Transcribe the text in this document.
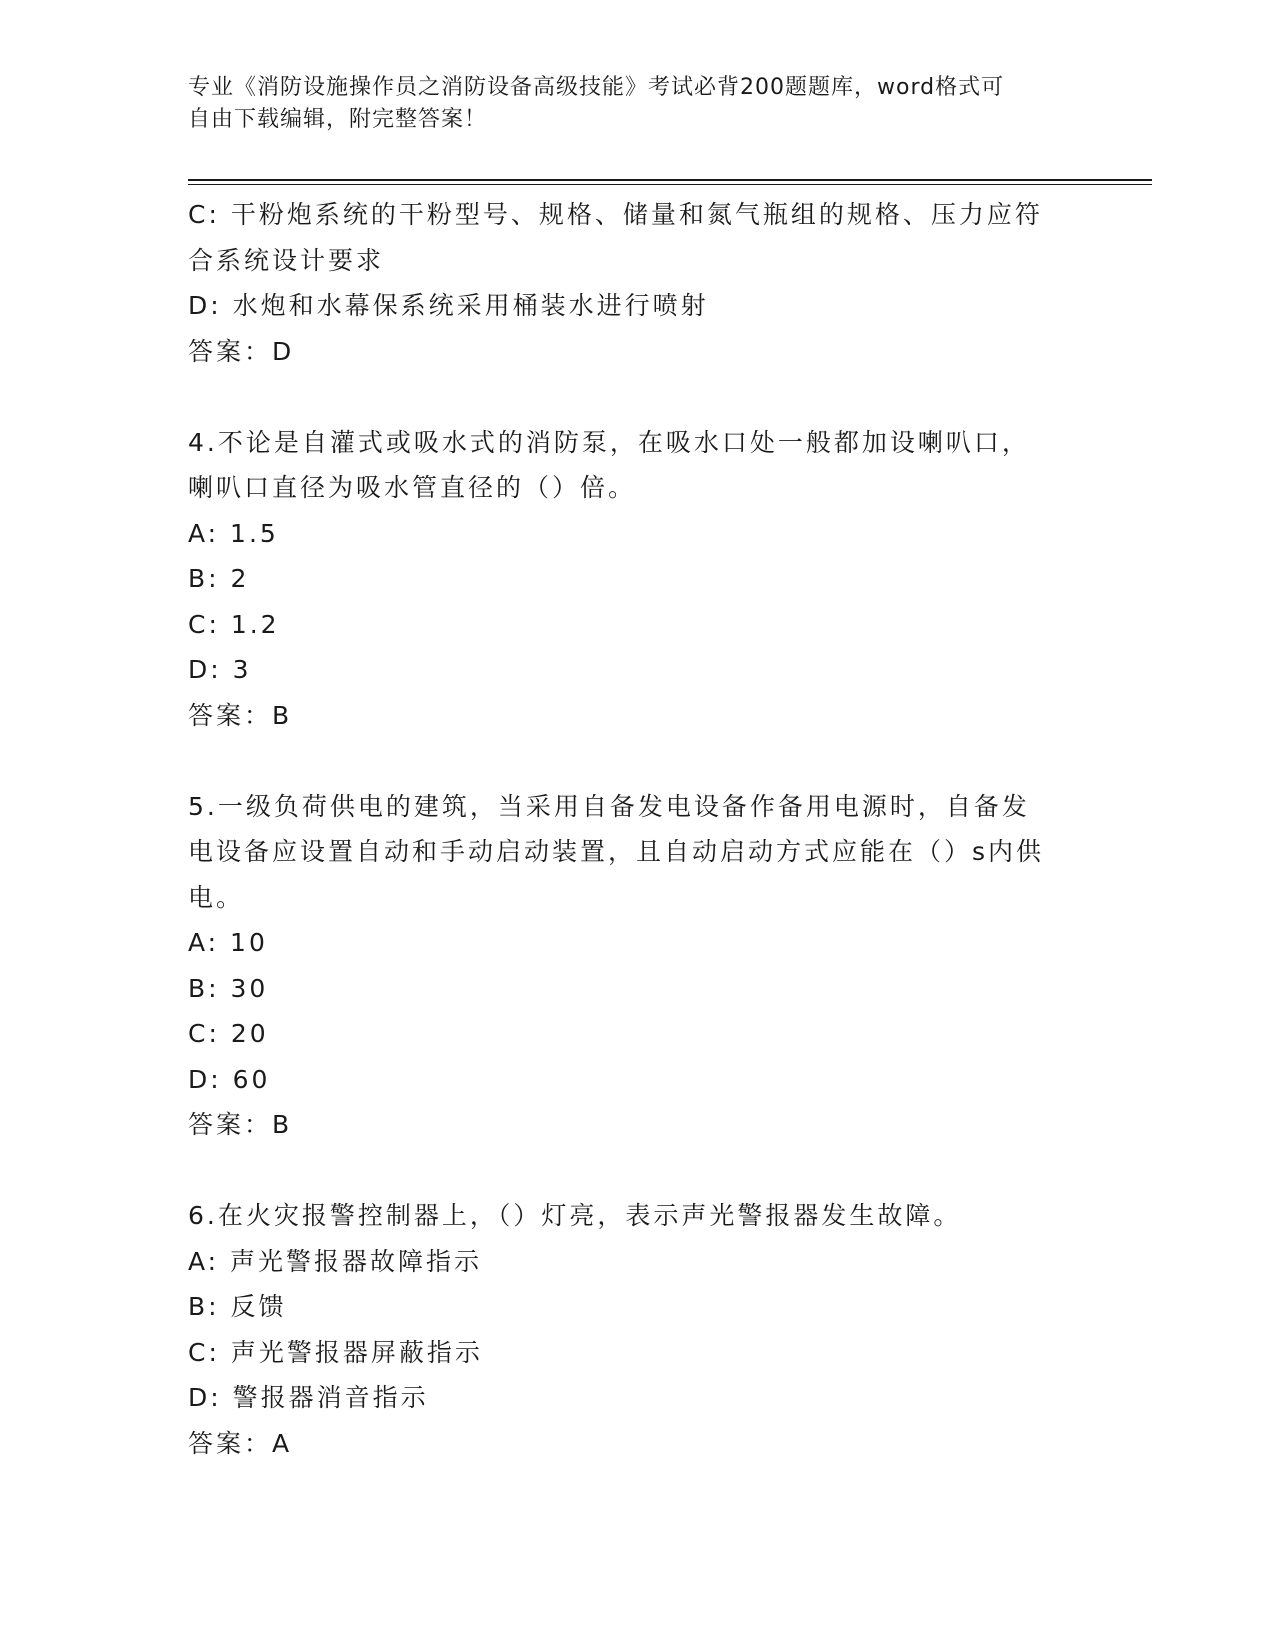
专业《消防设施操作员之消防设备高级技能》考试必背200题题库，word格式可
自由下载编辑，附完整答案！
C: 干粉炮系统的干粉型号、规格、储量和氮气瓶组的规格、压力应符
合系统设计要求
D: 水炮和水幕保系统采用桶装水进行喷射
答案：D
4.不论是自灌式或吸水式的消防泵，在吸水口处一般都加设喇叭口，
喇叭口直径为吸水管直径的（）倍。
A: 1.5
B: 2
C: 1.2
D: 3
答案：B
5.一级负荷供电的建筑，当采用自备发电设备作备用电源时，自备发
电设备应设置自动和手动启动装置，且自动启动方式应能在（）s内供
电。
A: 10
B: 30
C: 20
D: 60
答案：B
6.在火灾报警控制器上，（）灯亮，表示声光警报器发生故障。
A: 声光警报器故障指示
B: 反馈
C: 声光警报器屏蔽指示
D: 警报器消音指示
答案：A
